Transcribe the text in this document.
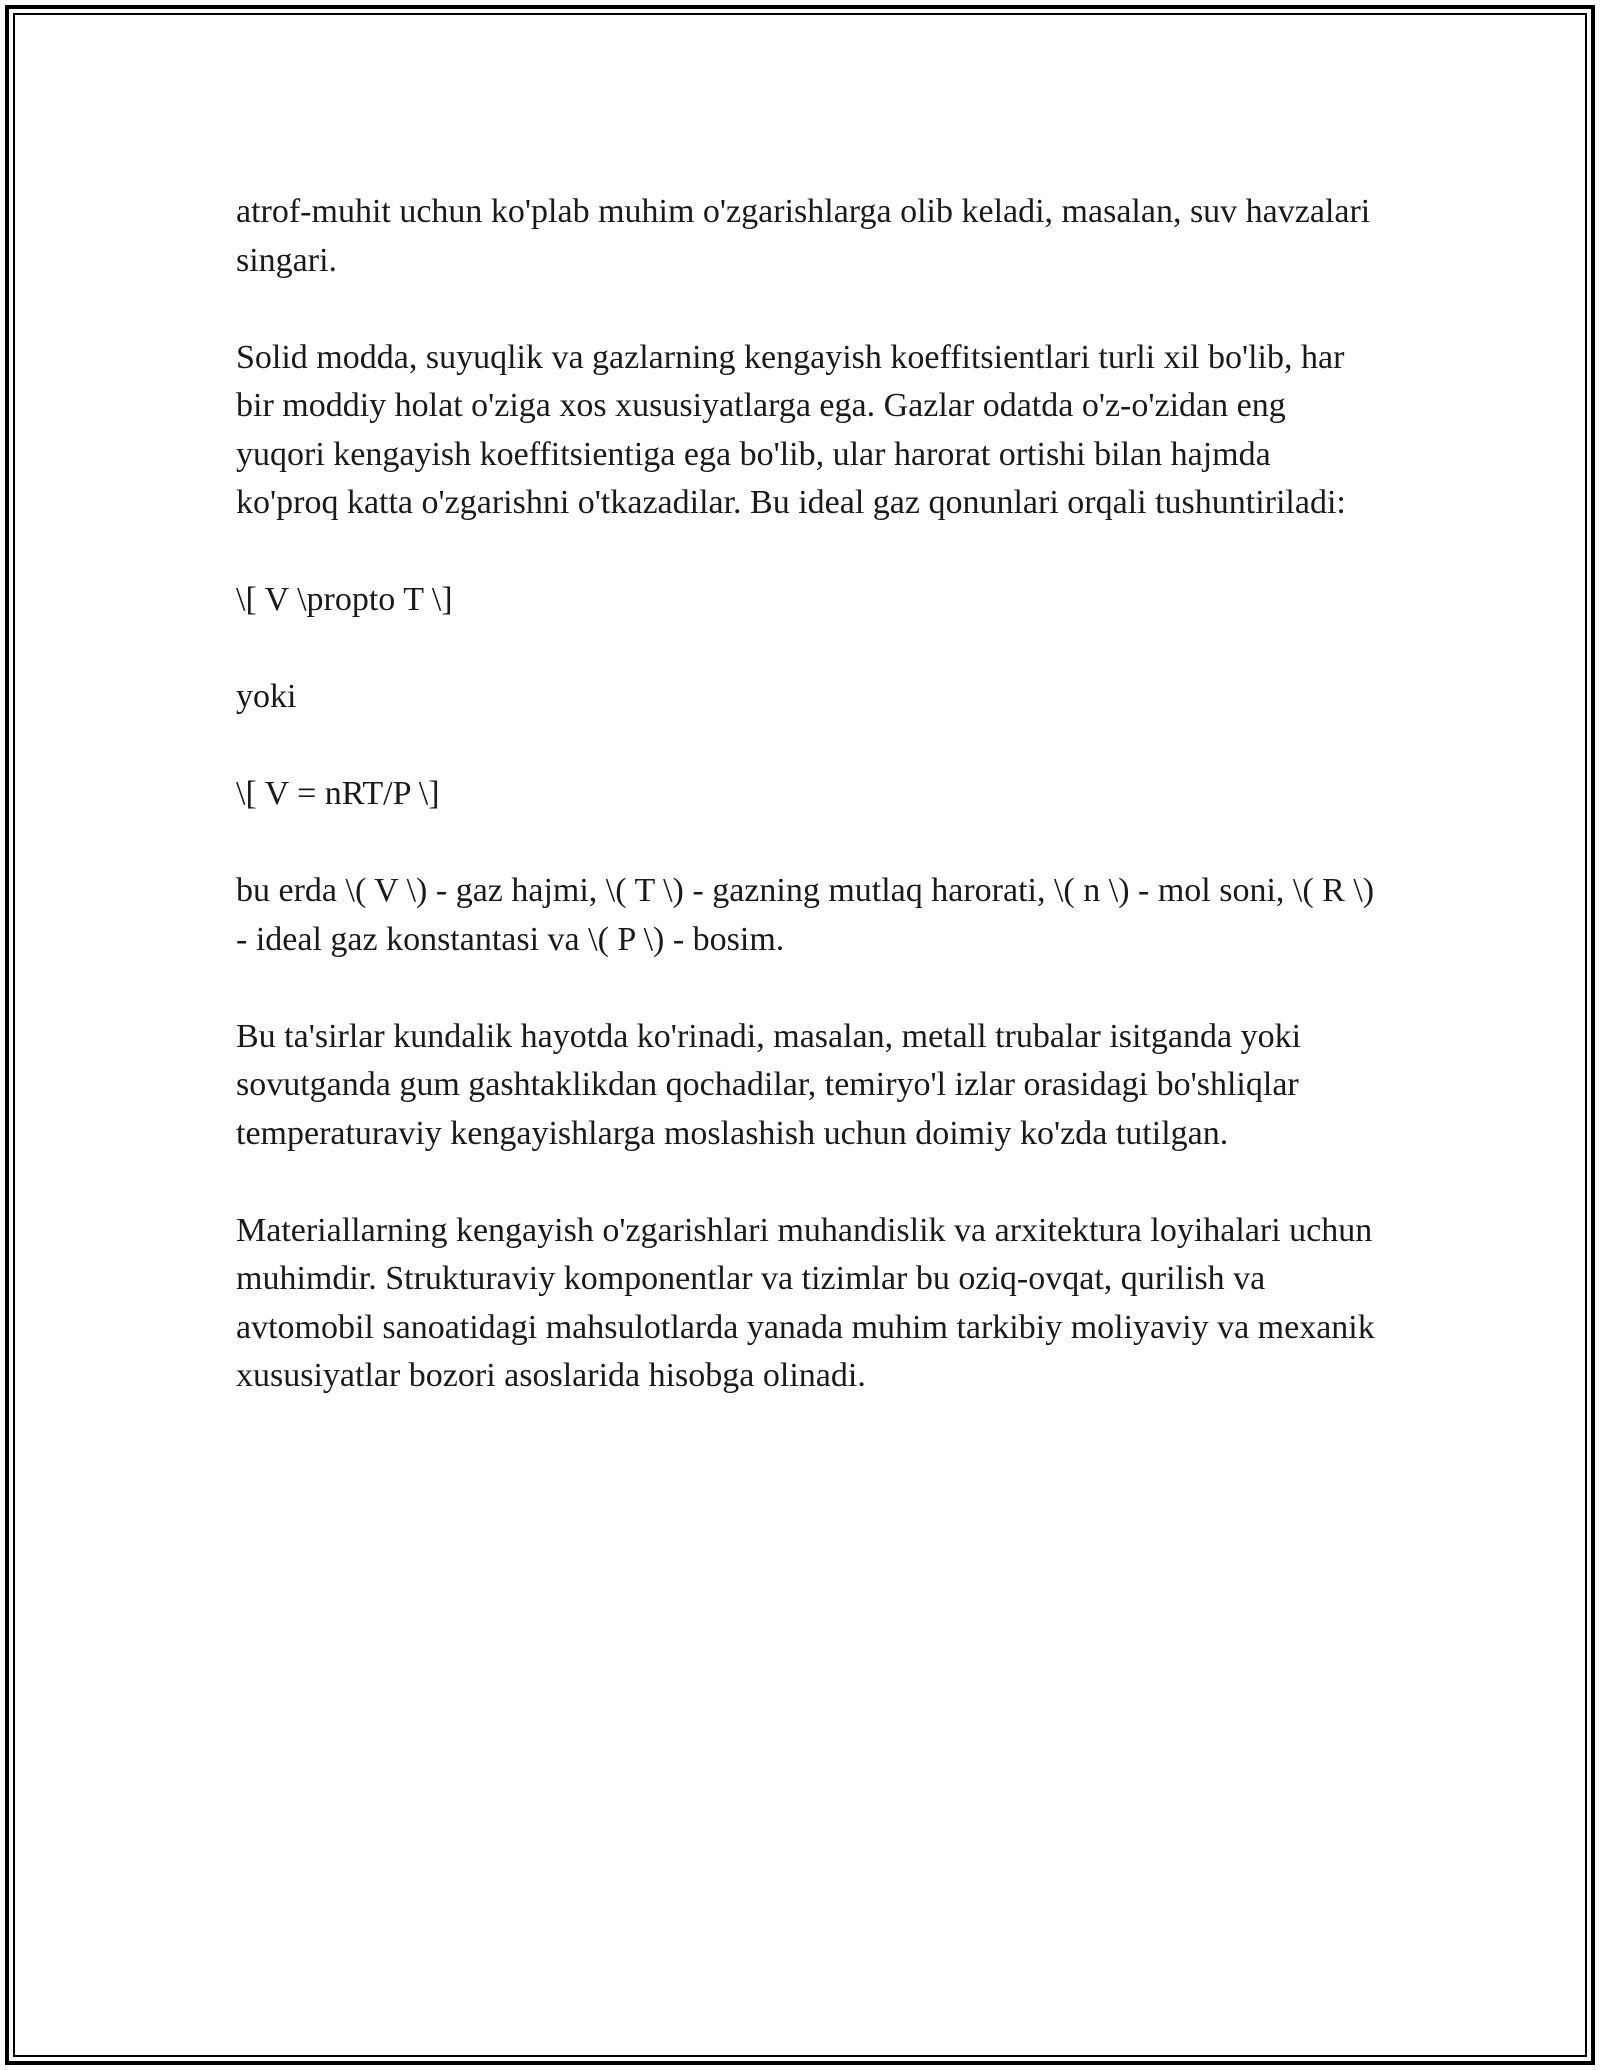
atrof-muhit uchun ko'plab muhim o'zgarishlarga olib keladi, masalan, suv havzalari singari.

Solid modda, suyuqlik va gazlarning kengayish koeffitsientlari turli xil bo'lib, har bir moddiy holat o'ziga xos xususiyatlarga ega. Gazlar odatda o'z-o'zidan eng yuqori kengayish koeffitsientiga ega bo'lib, ular harorat ortishi bilan hajmda ko'proq katta o'zgarishni o'tkazadilar. Bu ideal gaz qonunlari orqali tushuntiriladi:

\[ V \propto T \]

yoki

\[ V = nRT/P \]

bu erda \( V \) - gaz hajmi, \( T \) - gazning mutlaq harorati, \( n \) - mol soni, \( R \) - ideal gaz konstantasi va \( P \) - bosim.

Bu ta'sirlar kundalik hayotda ko'rinadi, masalan, metall trubalar isitganda yoki sovutganda gum gashtaklikdan qochadilar, temiryo'l izlar orasidagi bo'shliqlar temperaturaviy kengayishlarga moslashish uchun doimiy ko'zda tutilgan.

Materiallarning kengayish o'zgarishlari muhandislik va arxitektura loyihalari uchun muhimdir. Strukturaviy komponentlar va tizimlar bu oziq-ovqat, qurilish va avtomobil sanoatidagi mahsulotlarda yanada muhim tarkibiy moliyaviy va mexanik xususiyatlar bozori asoslarida hisobga olinadi.
